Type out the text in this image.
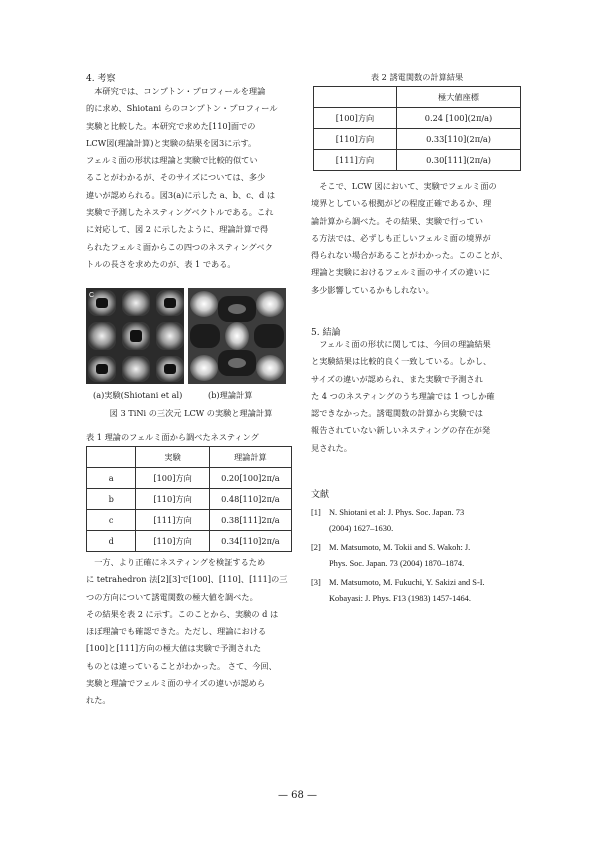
4. 考察
本研究では、コンプトン・プロフィールを理論
的に求め、Shiotani らのコンプトン・プロフィール
実験と比較した。本研究で求めた[110]面での
LCW図(理論計算)と実験の結果を図3に示す。
フェルミ面の形状は理論と実験で比較的似てい
ることがわかるが、そのサイズについては、多少
違いが認められる。図3(a)に示した a、b、c、d は
実験で予測したネスティングベクトルである。これ
に対応して、図 2 に示したように、理論計算で得
られたフェルミ面からこの四つのネスティングベク
トルの長さを求めたのが、表 1 である。
C
(a)実験(Shiotani et al)	(b)理論計算
図 3 TiNi の三次元 LCW の実験と理論計算
表 1 理論のフェルミ面から調べたネスティング
	実験	理論計算
a	[100]方向	0.20[100]2π/a
b	[110]方向	0.48[110]2π/a
c	[111]方向	0.38[111]2π/a
d	[110]方向	0.34[110]2π/a
一方、より正確にネスティングを検証するため
に tetrahedron 法[2][3]で[100]、[110]、[111]の三
つの方向について誘電関数の極大値を調べた。
その結果を表 2 に示す。このことから、実験の d は
ほぼ理論でも確認できた。ただし、理論における
[100]と[111]方向の極大値は実験で予測された
ものとは違っていることがわかった。 さて、今回、
実験と理論でフェルミ面のサイズの違いが認めら
れた。
表 2 誘電関数の計算結果
	極大値座標
[100]方向	0.24 [100](2π/a)
[110]方向	0.33[110](2π/a)
[111]方向	0.30[111](2π/a)
そこで、LCW 図において、実験でフェルミ面の
境界としている根拠がどの程度正確であるか、理
論計算から調べた。その結果、実験で行ってい
る方法では、必ずしも正しいフェルミ面の境界が
得られない場合があることがわかった。このことが、
理論と実験におけるフェルミ面のサイズの違いに
多少影響しているかもしれない。
5. 結論
フェルミ面の形状に関しては、今回の理論結果
と実験結果は比較的良く一致している。しかし、
サイズの違いが認められ、また実験で予測され
た 4 つのネスティングのうち理論では 1 つしか確
認できなかった。誘電関数の計算から実験では
報告されていない新しいネスティングの存在が発
見された。
文献
[1] N. Shiotani et al: J. Phys. Soc. Japan. 73
(2004) 1627–1630.
[2] M. Matsumoto, M. Tokii and S. Wakoh: J.
Phys. Soc. Japan. 73 (2004) 1870–1874.
[3] M. Matsumoto, M. Fukuchi, Y. Sakizi and S-I.
Kobayasi: J. Phys. F13 (1983) 1457-1464.
— 68 —
